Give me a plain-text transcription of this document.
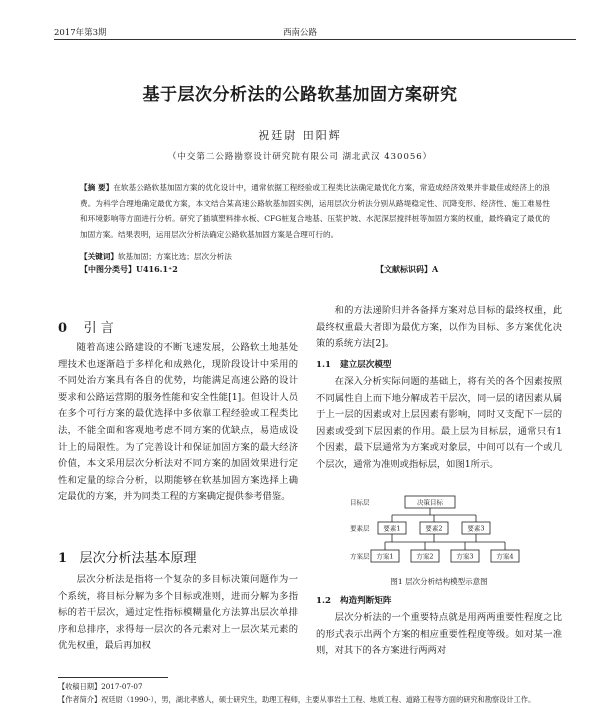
2017年第3期	西南公路
基于层次分析法的公路软基加固方案研究
祝廷尉 田阳辉
（中交第二公路勘察设计研究院有限公司 湖北武汉 430056）
【摘 要】在软基公路软基加固方案的优化设计中，通常依据工程经验或工程类比法确定最优化方案，常造成经济效果并非最佳或经济上的浪费。为科学合理地确定最优方案，本文结合某高速公路软基加固实例，运用层次分析法分别从路堤稳定性、沉降变形、经济性、施工难易性和环境影响等方面进行分析。研究了插填塑料排水板、CFG桩复合地基、压浆护坡、水泥深层搅拌桩等加固方案的权重，最终确定了最优的加固方案。结果表明，运用层次分析法确定公路软基加固方案是合理可行的。
【关键词】软基加固；方案比选；层次分析法
【中图分类号】U416.1⁺2	【文献标识码】A
0 引 言

随着高速公路建设的不断飞速发展，公路软土地基处理技术也逐渐趋于多样化和成熟化，现阶段设计中采用的不同处治方案具有各自的优势，均能满足高速公路的设计要求和公路运营期的服务性能和安全性能[1]。但设计人员在多个可行方案的最优选择中多依靠工程经验或工程类比法，不能全面和客观地考虑不同方案的优缺点，易造成设计上的局限性。为了完善设计和保证加固方案的最大经济价值，本文采用层次分析法对不同方案的加固效果进行定性和定量的综合分析，以期能够在软基加固方案选择上确定最优的方案，并为同类工程的方案确定提供参考借鉴。

1 层次分析法基本原理

层次分析法是指将一个复杂的多目标决策问题作为一个系统，将目标分解为多个目标或准则，进而分解为多指标的若干层次，通过定性指标模糊量化方法算出层次单排序和总排序，求得每一层次的各元素对上一层次某元素的优先权重，最后再加权

【收稿日期】2017-07-07
【作者简介】祝廷尉（1990-），男，湖北孝感人，硕士研究生，助理工程师，主要从事岩土工程、地质工程、道路工程等方面的研究和勘察设计工作。

和的方法递阶归并各备择方案对总目标的最终权重，此最终权重最大者即为最优方案，以作为目标、多方案优化决策的系统方法[2]。

1.1 建立层次模型

在深入分析实际问题的基础上，将有关的各个因素按照不同属性自上而下地分解成若干层次，同一层的诸因素从属于上一层的因素或对上层因素有影响，同时又支配下一层的因素或受到下层因素的作用。最上层为目标层，通常只有1个因素，最下层通常为方案或对象层，中间可以有一个或几个层次，通常为准则或指标层，如图1所示。

决策目标
要素1	要素2	要素3
方案1	方案2	方案3	方案4
目标层
要素层
方案层
图1 层次分析结构模型示意图
1.2 构造判断矩阵

层次分析法的一个重要特点就是用两两重要性程度之比的形式表示出两个方案的相应重要性程度等级。如对某一准则，对其下的各方案进行两两对
